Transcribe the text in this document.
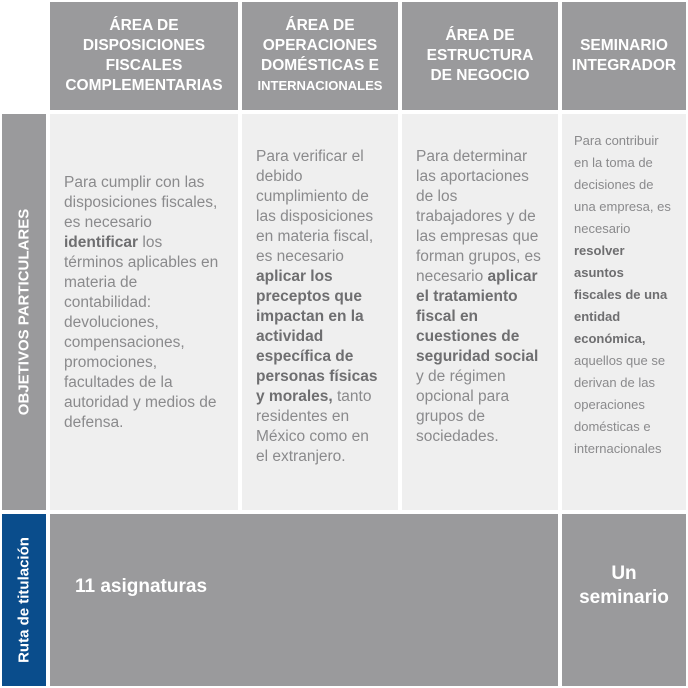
ÁREA DE
DISPOSICIONES
FISCALES
COMPLEMENTARIAS
ÁREA DE
OPERACIONES
DOMÉSTICAS E
INTERNACIONALES
ÁREA DE
ESTRUCTURA
DE NEGOCIO
SEMINARIO
INTEGRADOR
OBJETIVOS PARTICULARES
Para cumplir con las disposiciones fiscales, es necesario identificar los términos aplicables en materia de contabilidad: devoluciones, compensaciones, promociones, facultades de la autoridad y medios de defensa.
Para verificar el debido cumplimiento de las disposiciones en materia fiscal, es necesario aplicar los preceptos que impactan en la actividad específica de personas físicas y morales, tanto residentes en México como en el extranjero.
Para determinar las aportaciones de los trabajadores y de las empresas que forman grupos, es necesario aplicar el tratamiento fiscal en cuestiones de seguridad social y de régimen opcional para grupos de sociedades.
Para contribuir en la toma de decisiones de una empresa, es necesario resolver asuntos fiscales de una entidad económica, aquellos que se derivan de las operaciones domésticas e internacionales
Ruta de titulación 11 asignaturas
Un
seminario
